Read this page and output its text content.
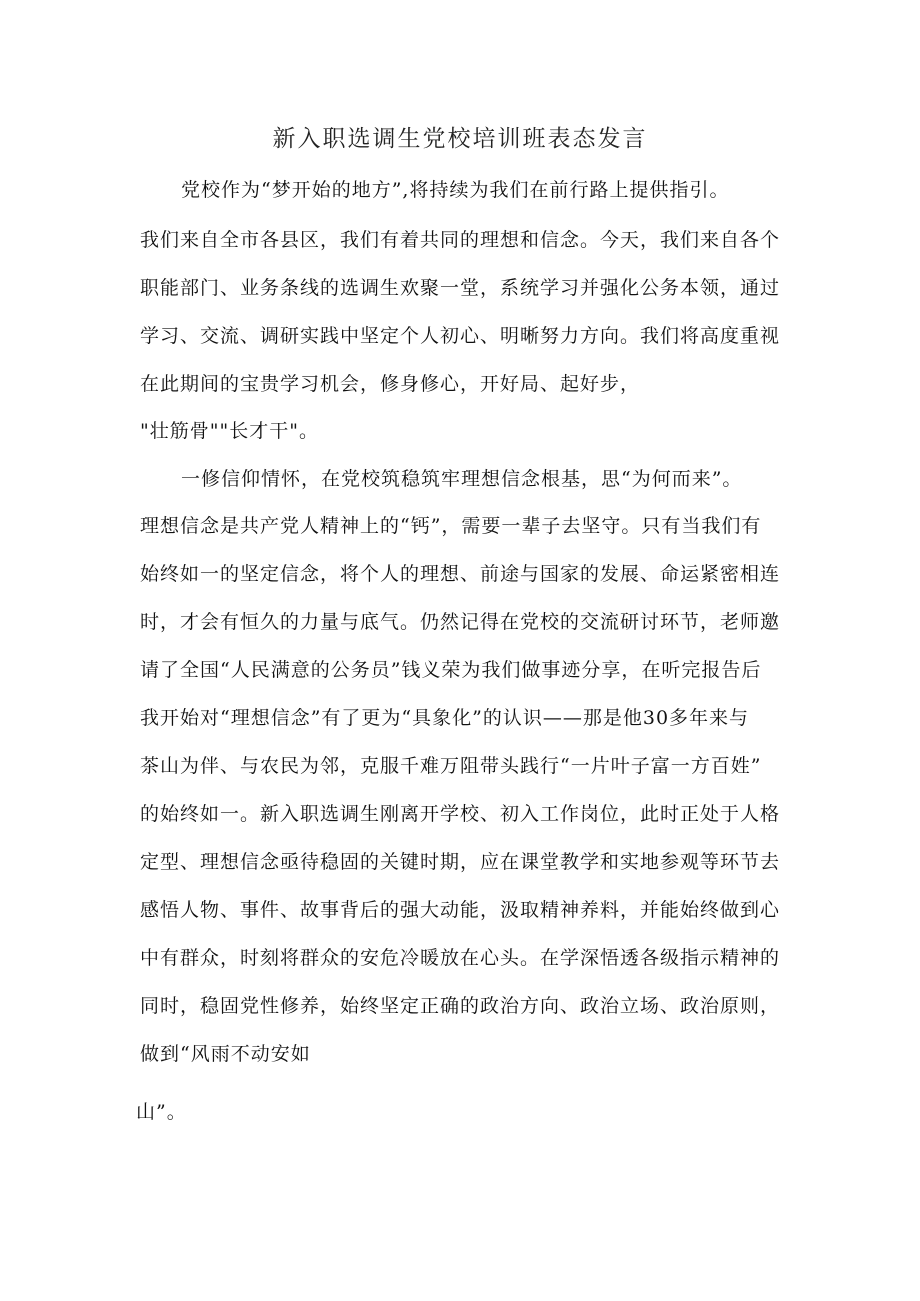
新入职选调生党校培训班表态发言
党校作为“梦开始的地方”,将持续为我们在前行路上提供指引。
我们来自全市各县区，我们有着共同的理想和信念。今天，我们来自各个
职能部门、业务条线的选调生欢聚一堂，系统学习并强化公务本领，通过
学习、交流、调研实践中坚定个人初心、明晰努力方向。我们将高度重视
在此期间的宝贵学习机会，修身修心，开好局、起好步，
"壮筋骨""长才干"。
一修信仰情怀，在党校筑稳筑牢理想信念根基，思“为何而来”。
理想信念是共产党人精神上的“钙”，需要一辈子去坚守。只有当我们有
始终如一的坚定信念，将个人的理想、前途与国家的发展、命运紧密相连
时，才会有恒久的力量与底气。仍然记得在党校的交流研讨环节，老师邀
请了全国“人民满意的公务员”钱义荣为我们做事迹分享，在听完报告后
我开始对“理想信念”有了更为“具象化”的认识——那是他30多年来与
茶山为伴、与农民为邻，克服千难万阻带头践行“一片叶子富一方百姓”
的始终如一。新入职选调生刚离开学校、初入工作岗位，此时正处于人格
定型、理想信念亟待稳固的关键时期，应在课堂教学和实地参观等环节去
感悟人物、事件、故事背后的强大动能，汲取精神养料，并能始终做到心
中有群众，时刻将群众的安危冷暖放在心头。在学深悟透各级指示精神的
同时，稳固党性修养，始终坚定正确的政治方向、政治立场、政治原则，
做到“风雨不动安如
山”。
